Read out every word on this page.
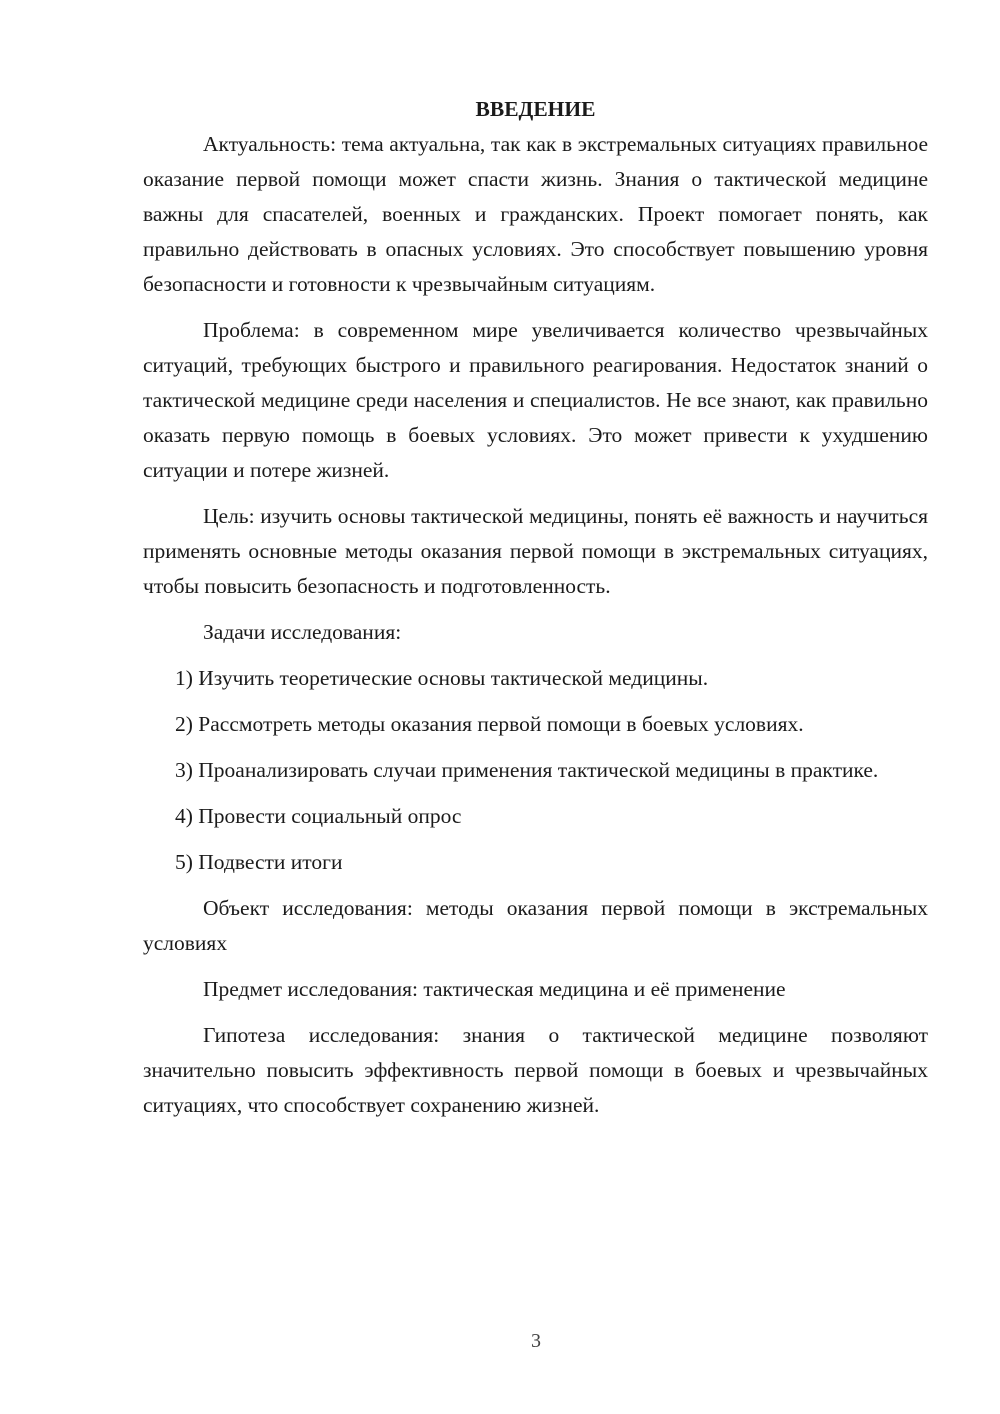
ВВЕДЕНИЕ

Актуальность: тема актуальна, так как в экстремальных ситуациях правильное оказание первой помощи может спасти жизнь. Знания о тактической медицине важны для спасателей, военных и гражданских. Проект помогает понять, как правильно действовать в опасных условиях. Это способствует повышению уровня безопасности и готовности к чрезвычайным ситуациям.

Проблема: в современном мире увеличивается количество чрезвычайных ситуаций, требующих быстрого и правильного реагирования. Недостаток знаний о тактической медицине среди населения и специалистов. Не все знают, как правильно оказать первую помощь в боевых условиях. Это может привести к ухудшению ситуации и потере жизней.

Цель: изучить основы тактической медицины, понять её важность и научиться применять основные методы оказания первой помощи в экстремальных ситуациях, чтобы повысить безопасность и подготовленность.

Задачи исследования:

1) Изучить теоретические основы тактической медицины.

2) Рассмотреть методы оказания первой помощи в боевых условиях.

3) Проанализировать случаи применения тактической медицины в практике.

4) Провести социальный опрос

5) Подвести итоги

Объект исследования: методы оказания первой помощи в экстремальных условиях

Предмет исследования: тактическая медицина и её применение

Гипотеза исследования: знания о тактической медицине позволяют значительно повысить эффективность первой помощи в боевых и чрезвычайных ситуациях, что способствует сохранению жизней.

3
